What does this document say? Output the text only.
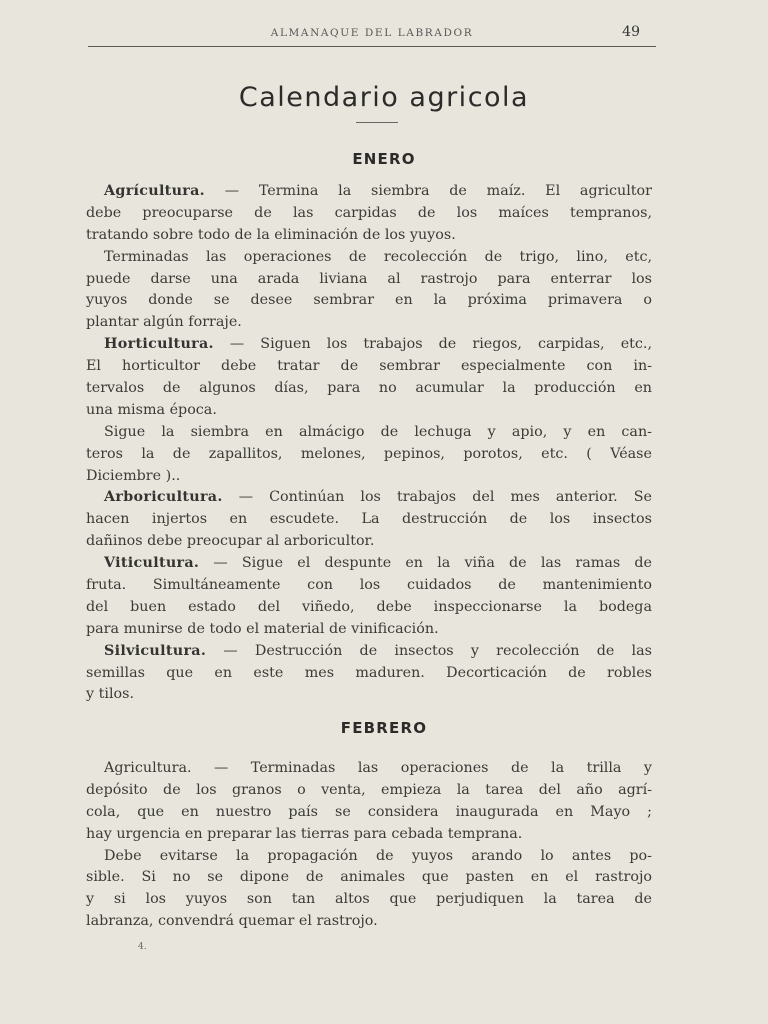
ALMANAQUE DEL LABRADOR	49
Calendario agricola
ENERO
Agrícultura. — Termina la siembra de maíz. El agricultor
debe preocuparse de las carpidas de los maíces tempranos,
tratando sobre todo de la eliminación de los yuyos.
Terminadas las operaciones de recolección de trigo, lino, etc,
puede darse una arada liviana al rastrojo para enterrar los
yuyos donde se desee sembrar en la próxima primavera o
plantar algún forraje.
Horticultura. — Siguen los trabajos de riegos, carpidas, etc.,
El horticultor debe tratar de sembrar especialmente con in-
tervalos de algunos días, para no acumular la producción en
una misma época.
Sigue la siembra en almácigo de lechuga y apio, y en can-
teros la de zapallitos, melones, pepinos, porotos, etc. ( Véase
Diciembre )..
Arboricultura. — Continúan los trabajos del mes anterior. Se
hacen injertos en escudete. La destrucción de los insectos
dañinos debe preocupar al arboricultor.
Viticultura. — Sigue el despunte en la viña de las ramas de
fruta. Simultáneamente con los cuidados de mantenimiento
del buen estado del viñedo, debe inspeccionarse la bodega
para munirse de todo el material de vinificación.
Silvicultura. — Destrucción de insectos y recolección de las
semillas que en este mes maduren. Decorticación de robles
y tilos.
FEBRERO
Agricultura. — Terminadas las operaciones de la trilla y
depósito de los granos o venta, empieza la tarea del año agrí-
cola, que en nuestro país se considera inaugurada en Mayo ;
hay urgencia en preparar las tierras para cebada temprana.
Debe evitarse la propagación de yuyos arando lo antes po-
sible. Si no se dipone de animales que pasten en el rastrojo
y si los yuyos son tan altos que perjudiquen la tarea de
labranza, convendrá quemar el rastrojo.
4.
